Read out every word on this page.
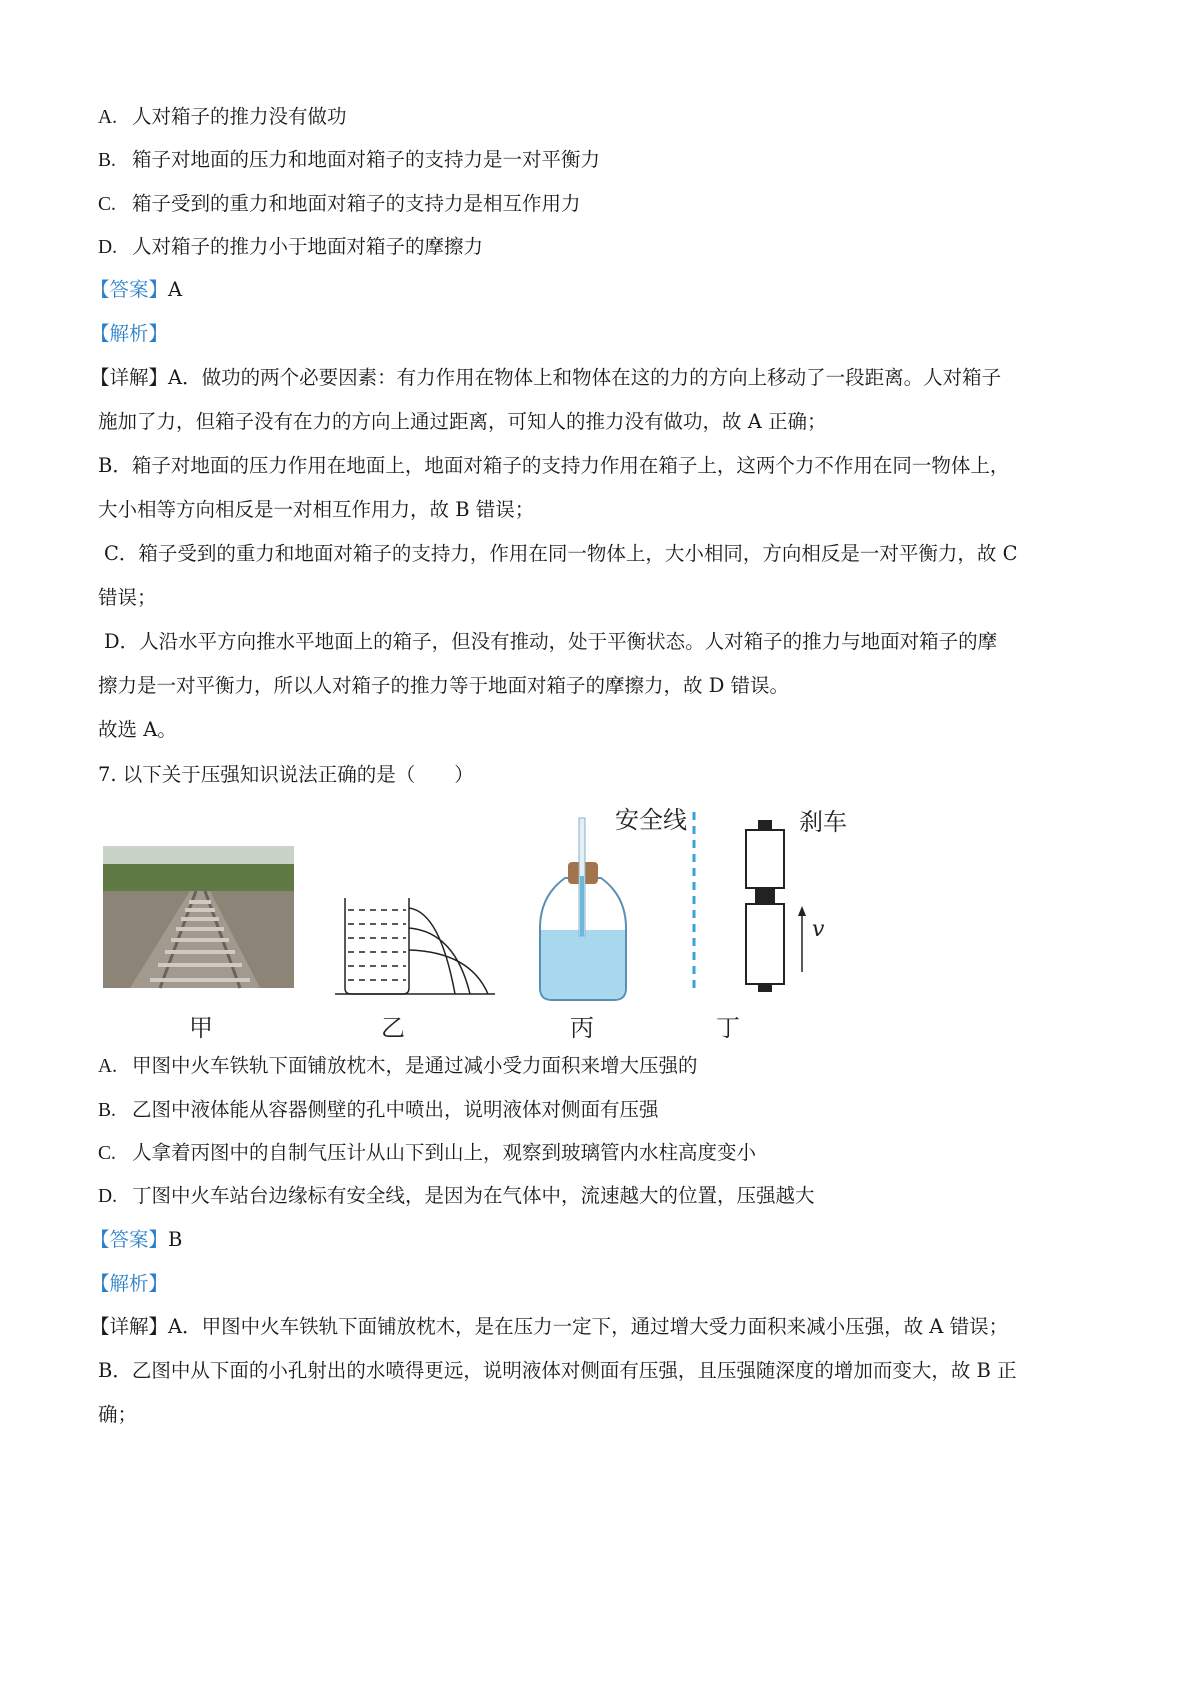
A. 人对箱子的推力没有做功
B. 箱子对地面的压力和地面对箱子的支持力是一对平衡力
C. 箱子受到的重力和地面对箱子的支持力是相互作用力
D. 人对箱子的推力小于地面对箱子的摩擦力
【答案】A
【解析】
【详解】A．做功的两个必要因素：有力作用在物体上和物体在这的力的方向上移动了一段距离。人对箱子
施加了力，但箱子没有在力的方向上通过距离，可知人的推力没有做功，故 A 正确；
B．箱子对地面的压力作用在地面上，地面对箱子的支持力作用在箱子上，这两个力不作用在同一物体上，
大小相等方向相反是一对相互作用力，故 B 错误；
C．箱子受到的重力和地面对箱子的支持力，作用在同一物体上，大小相同，方向相反是一对平衡力，故 C
错误；
D．人沿水平方向推水平地面上的箱子，但没有推动，处于平衡状态。人对箱子的推力与地面对箱子的摩
擦力是一对平衡力，所以人对箱子的推力等于地面对箱子的摩擦力，故 D 错误。
故选 A。
7. 以下关于压强知识说法正确的是（　　）
安全线	刹车
v
甲	乙	丙	丁
A. 甲图中火车铁轨下面铺放枕木，是通过减小受力面积来增大压强的
B. 乙图中液体能从容器侧壁的孔中喷出，说明液体对侧面有压强
C. 人拿着丙图中的自制气压计从山下到山上，观察到玻璃管内水柱高度变小
D. 丁图中火车站台边缘标有安全线，是因为在气体中，流速越大的位置，压强越大
【答案】B
【解析】
【详解】A．甲图中火车铁轨下面铺放枕木，是在压力一定下，通过增大受力面积来减小压强，故 A 错误；
B．乙图中从下面的小孔射出的水喷得更远，说明液体对侧面有压强，且压强随深度的增加而变大，故 B 正
确；
